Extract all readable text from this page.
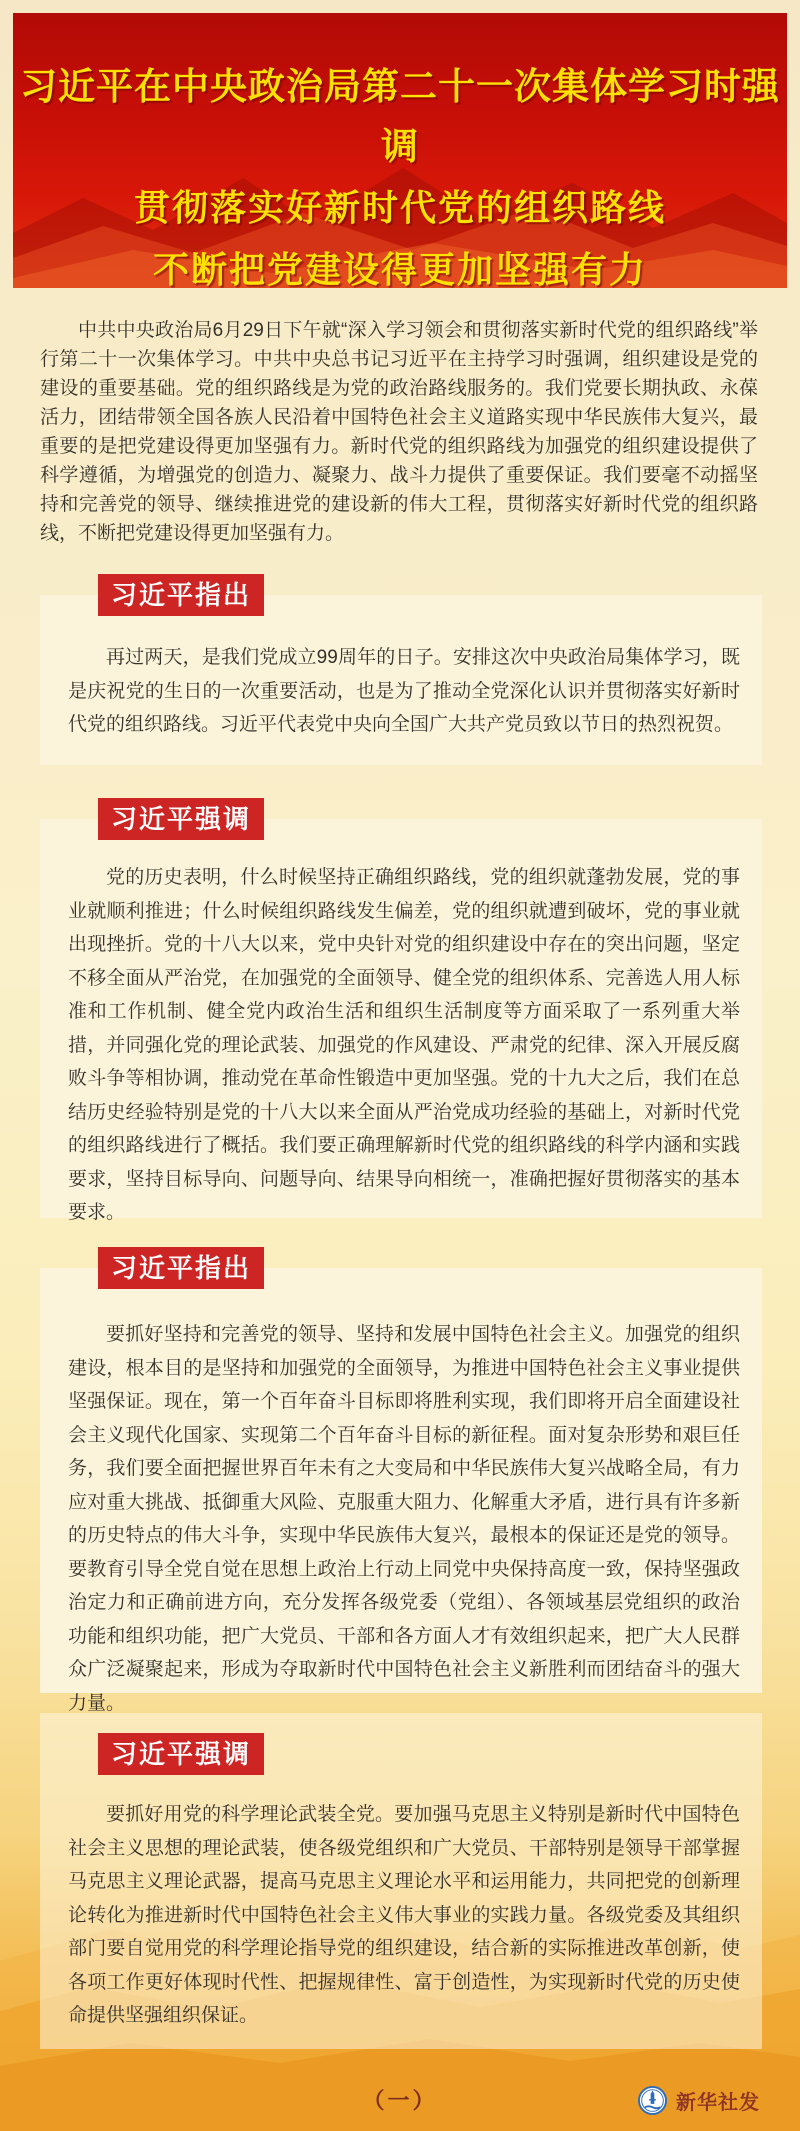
习近平在中央政治局第二十一次集体学习时强调
贯彻落实好新时代党的组织路线
不断把党建设得更加坚强有力
中共中央政治局6月29日下午就“深入学习领会和贯彻落实新时代党的组织路线”举行第二十一次集体学习。中共中央总书记习近平在主持学习时强调，组织建设是党的建设的重要基础。党的组织路线是为党的政治路线服务的。我们党要长期执政、永葆活力，团结带领全国各族人民沿着中国特色社会主义道路实现中华民族伟大复兴，最重要的是把党建设得更加坚强有力。新时代党的组织路线为加强党的组织建设提供了科学遵循，为增强党的创造力、凝聚力、战斗力提供了重要保证。我们要毫不动摇坚持和完善党的领导、继续推进党的建设新的伟大工程，贯彻落实好新时代党的组织路线，不断把党建设得更加坚强有力。
习近平指出
再过两天，是我们党成立99周年的日子。安排这次中央政治局集体学习，既是庆祝党的生日的一次重要活动，也是为了推动全党深化认识并贯彻落实好新时代党的组织路线。习近平代表党中央向全国广大共产党员致以节日的热烈祝贺。
习近平强调
党的历史表明，什么时候坚持正确组织路线，党的组织就蓬勃发展，党的事业就顺利推进；什么时候组织路线发生偏差，党的组织就遭到破坏，党的事业就出现挫折。党的十八大以来，党中央针对党的组织建设中存在的突出问题，坚定不移全面从严治党，在加强党的全面领导、健全党的组织体系、完善选人用人标准和工作机制、健全党内政治生活和组织生活制度等方面采取了一系列重大举措，并同强化党的理论武装、加强党的作风建设、严肃党的纪律、深入开展反腐败斗争等相协调，推动党在革命性锻造中更加坚强。党的十九大之后，我们在总结历史经验特别是党的十八大以来全面从严治党成功经验的基础上，对新时代党的组织路线进行了概括。我们要正确理解新时代党的组织路线的科学内涵和实践要求，坚持目标导向、问题导向、结果导向相统一，准确把握好贯彻落实的基本要求。
习近平指出
要抓好坚持和完善党的领导、坚持和发展中国特色社会主义。加强党的组织建设，根本目的是坚持和加强党的全面领导，为推进中国特色社会主义事业提供坚强保证。现在，第一个百年奋斗目标即将胜利实现，我们即将开启全面建设社会主义现代化国家、实现第二个百年奋斗目标的新征程。面对复杂形势和艰巨任务，我们要全面把握世界百年未有之大变局和中华民族伟大复兴战略全局，有力应对重大挑战、抵御重大风险、克服重大阻力、化解重大矛盾，进行具有许多新的历史特点的伟大斗争，实现中华民族伟大复兴，最根本的保证还是党的领导。要教育引导全党自觉在思想上政治上行动上同党中央保持高度一致，保持坚强政治定力和正确前进方向，充分发挥各级党委（党组）、各领域基层党组织的政治功能和组织功能，把广大党员、干部和各方面人才有效组织起来，把广大人民群众广泛凝聚起来，形成为夺取新时代中国特色社会主义新胜利而团结奋斗的强大力量。
习近平强调
要抓好用党的科学理论武装全党。要加强马克思主义特别是新时代中国特色社会主义思想的理论武装，使各级党组织和广大党员、干部特别是领导干部掌握马克思主义理论武器，提高马克思主义理论水平和运用能力，共同把党的创新理论转化为推进新时代中国特色社会主义伟大事业的实践力量。各级党委及其组织部门要自觉用党的科学理论指导党的组织建设，结合新的实际推进改革创新，使各项工作更好体现时代性、把握规律性、富于创造性，为实现新时代党的历史使命提供坚强组织保证。
（一）	新华社发
